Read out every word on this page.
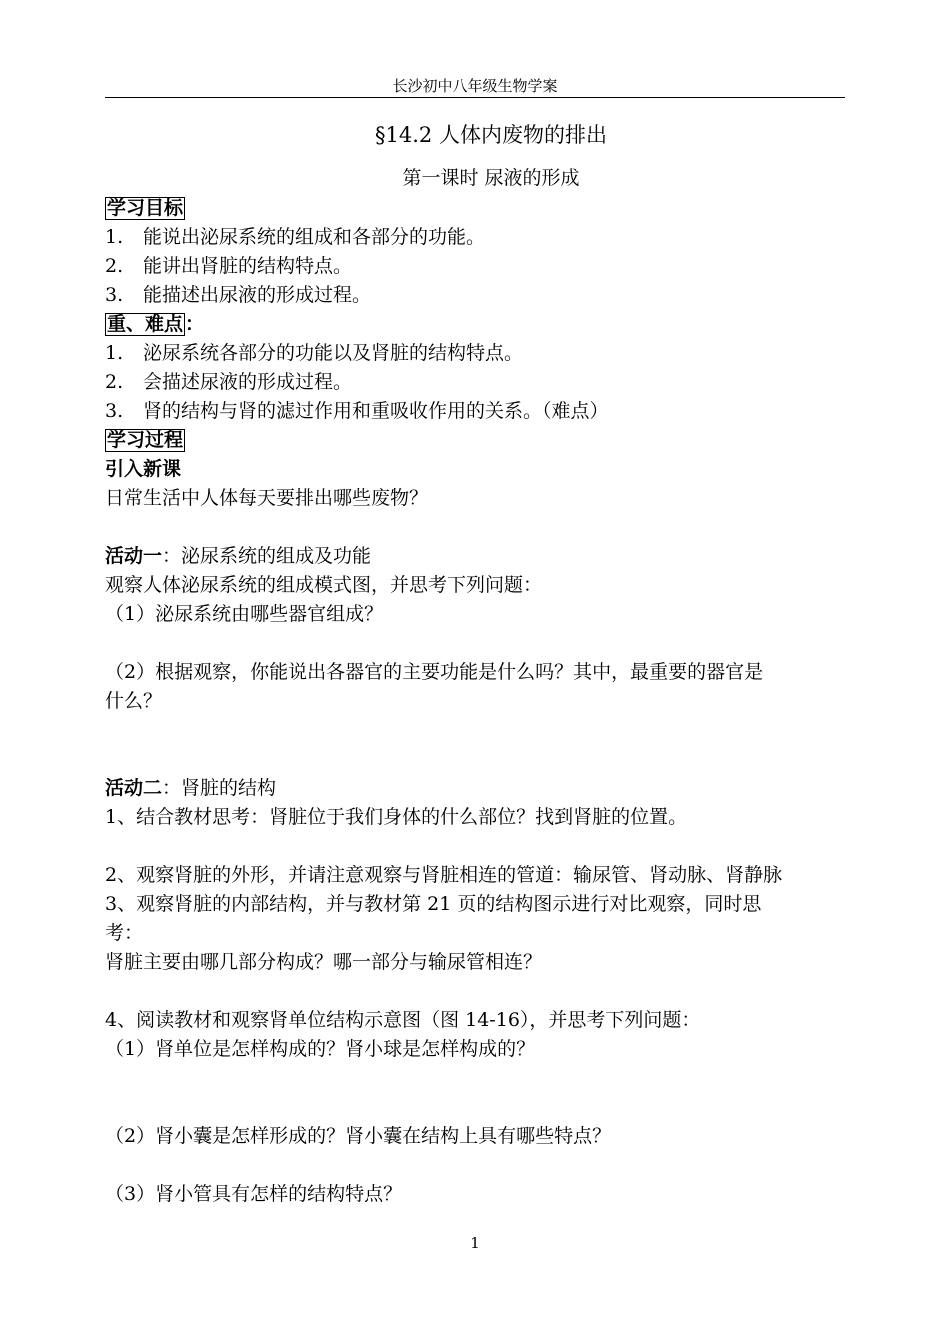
长沙初中八年级生物学案
§14.2 人体内废物的排出
第一课时 尿液的形成
学习目标
1. 能说出泌尿系统的组成和各部分的功能。
2. 能讲出肾脏的结构特点。
3. 能描述出尿液的形成过程。
重、难点 ：
1. 泌尿系统各部分的功能以及肾脏的结构特点。
2. 会描述尿液的形成过程。
3. 肾的结构与肾的滤过作用和重吸收作用的关系。（难点）
学习过程
引入新课
日常生活中人体每天要排出哪些废物？
活动一：泌尿系统的组成及功能
观察人体泌尿系统的组成模式图，并思考下列问题：
（1）泌尿系统由哪些器官组成？
（2）根据观察，你能说出各器官的主要功能是什么吗？其中，最重要的器官是
什么？
活动二：肾脏的结构
1、结合教材思考：肾脏位于我们身体的什么部位？找到肾脏的位置。
2、观察肾脏的外形，并请注意观察与肾脏相连的管道：输尿管、肾动脉、肾静脉
3、观察肾脏的内部结构，并与教材第 21 页的结构图示进行对比观察，同时思
考：
肾脏主要由哪几部分构成？哪一部分与输尿管相连？
4、阅读教材和观察肾单位结构示意图（图 14-16），并思考下列问题：
（1）肾单位是怎样构成的？肾小球是怎样构成的？
（2）肾小囊是怎样形成的？肾小囊在结构上具有哪些特点？
（3）肾小管具有怎样的结构特点？
1
